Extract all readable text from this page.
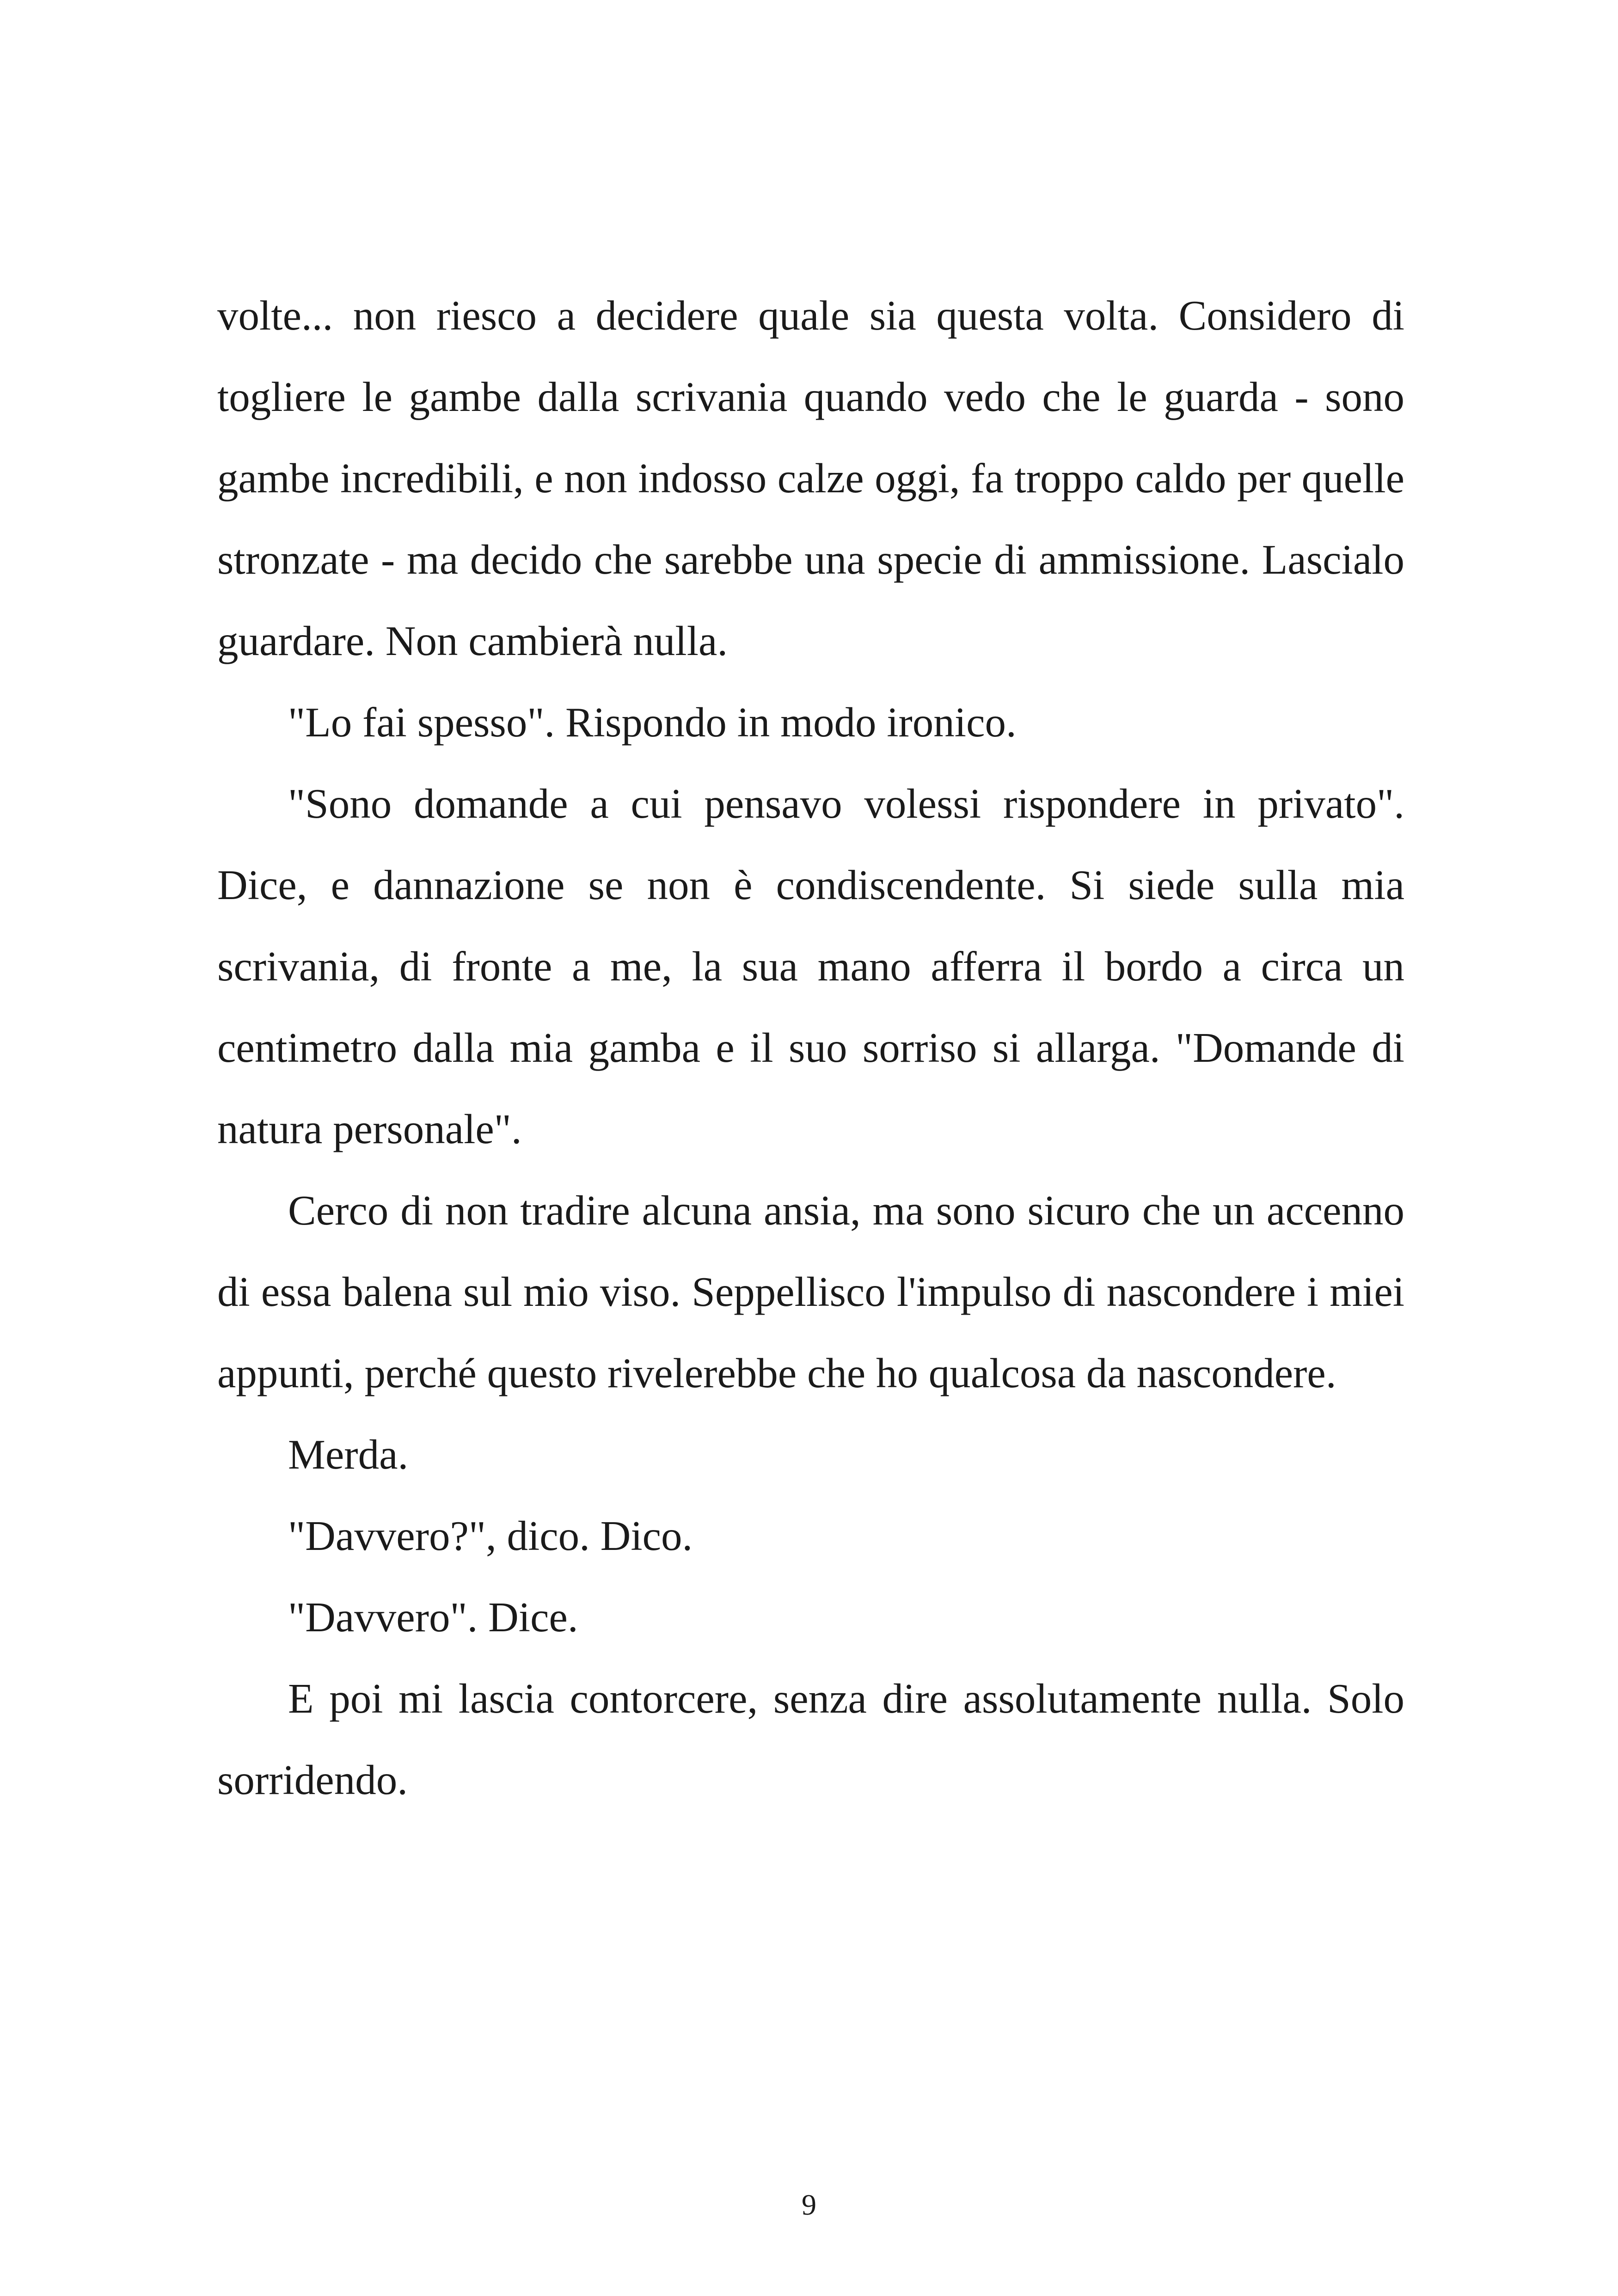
volte... non riesco a decidere quale sia questa volta. Considero di togliere le gambe dalla scrivania quando vedo che le guarda - sono gambe incredibili, e non indosso calze oggi, fa troppo caldo per quelle stronzate - ma decido che sarebbe una specie di ammissione. Lascialo guardare. Non cambierà nulla.

"Lo fai spesso". Rispondo in modo ironico.

"Sono domande a cui pensavo volessi rispondere in privato". Dice, e dannazione se non è condiscendente. Si siede sulla mia scrivania, di fronte a me, la sua mano afferra il bordo a circa un centimetro dalla mia gamba e il suo sorriso si allarga. "Domande di natura personale".

Cerco di non tradire alcuna ansia, ma sono sicuro che un accenno di essa balena sul mio viso. Seppellisco l'impulso di nascondere i miei appunti, perché questo rivelerebbe che ho qualcosa da nascondere.

Merda.

"Davvero?", dico. Dico.

"Davvero". Dice.

E poi mi lascia contorcere, senza dire assolutamente nulla. Solo sorridendo.

9
